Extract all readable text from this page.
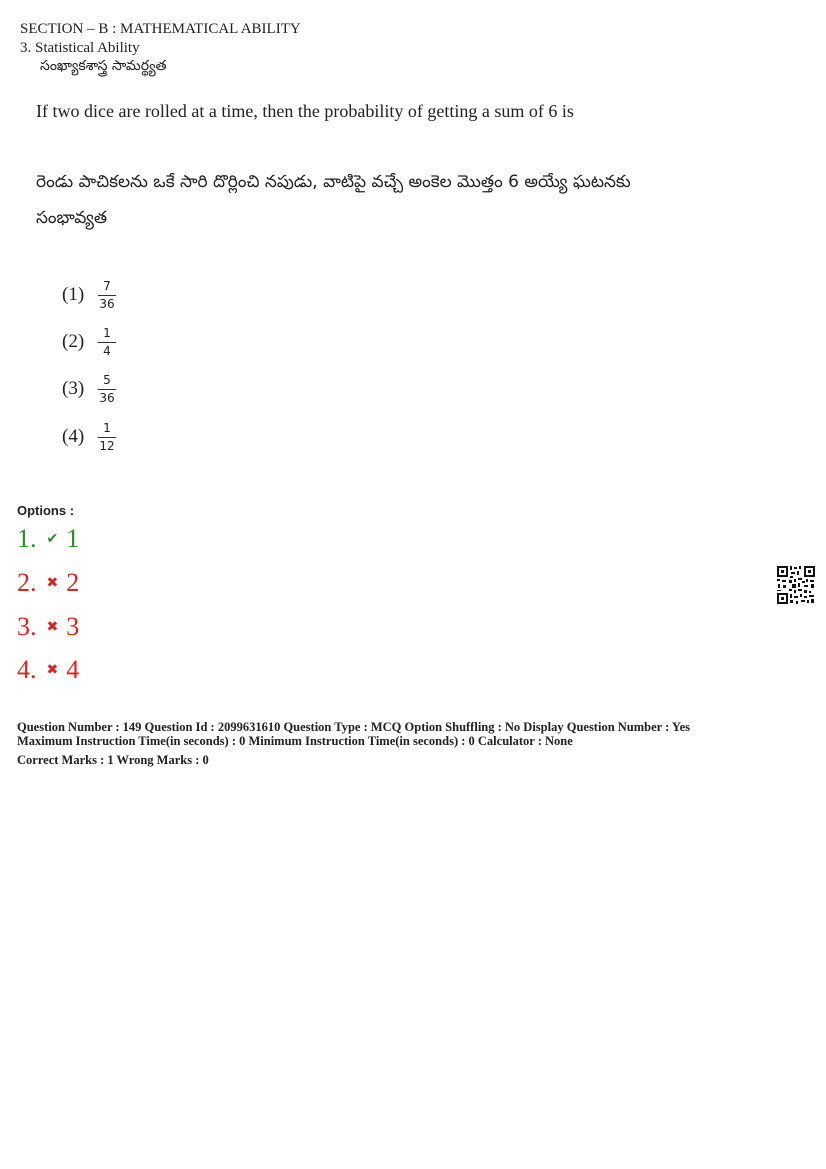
SECTION – B : MATHEMATICAL ABILITY
3. Statistical Ability
సంఖ్యాకశాస్త్ర సామర్థ్యత
If two dice are rolled at a time, then the probability of getting a sum of 6 is
రెండు పాచికలను ఒకే సారి దొర్లించి నపుడు, వాటిపై వచ్చే అంకెల మొత్తం 6 అయ్యే ఘటనకు
సంభావ్యత
(1)	$\frac{7}{36}$
(2)	$\frac{1}{4}$
(3)	$\frac{5}{36}$
(4)	$\frac{1}{12}$
Options :
1. ✔ 1
2. ✖ 2
3. ✖ 3
4. ✖ 4
Question Number : 149 Question Id : 2099631610 Question Type : MCQ Option Shuffling : No Display Question Number : Yes
Maximum Instruction Time(in seconds) : 0 Minimum Instruction Time(in seconds) : 0 Calculator : None
Correct Marks : 1 Wrong Marks : 0
